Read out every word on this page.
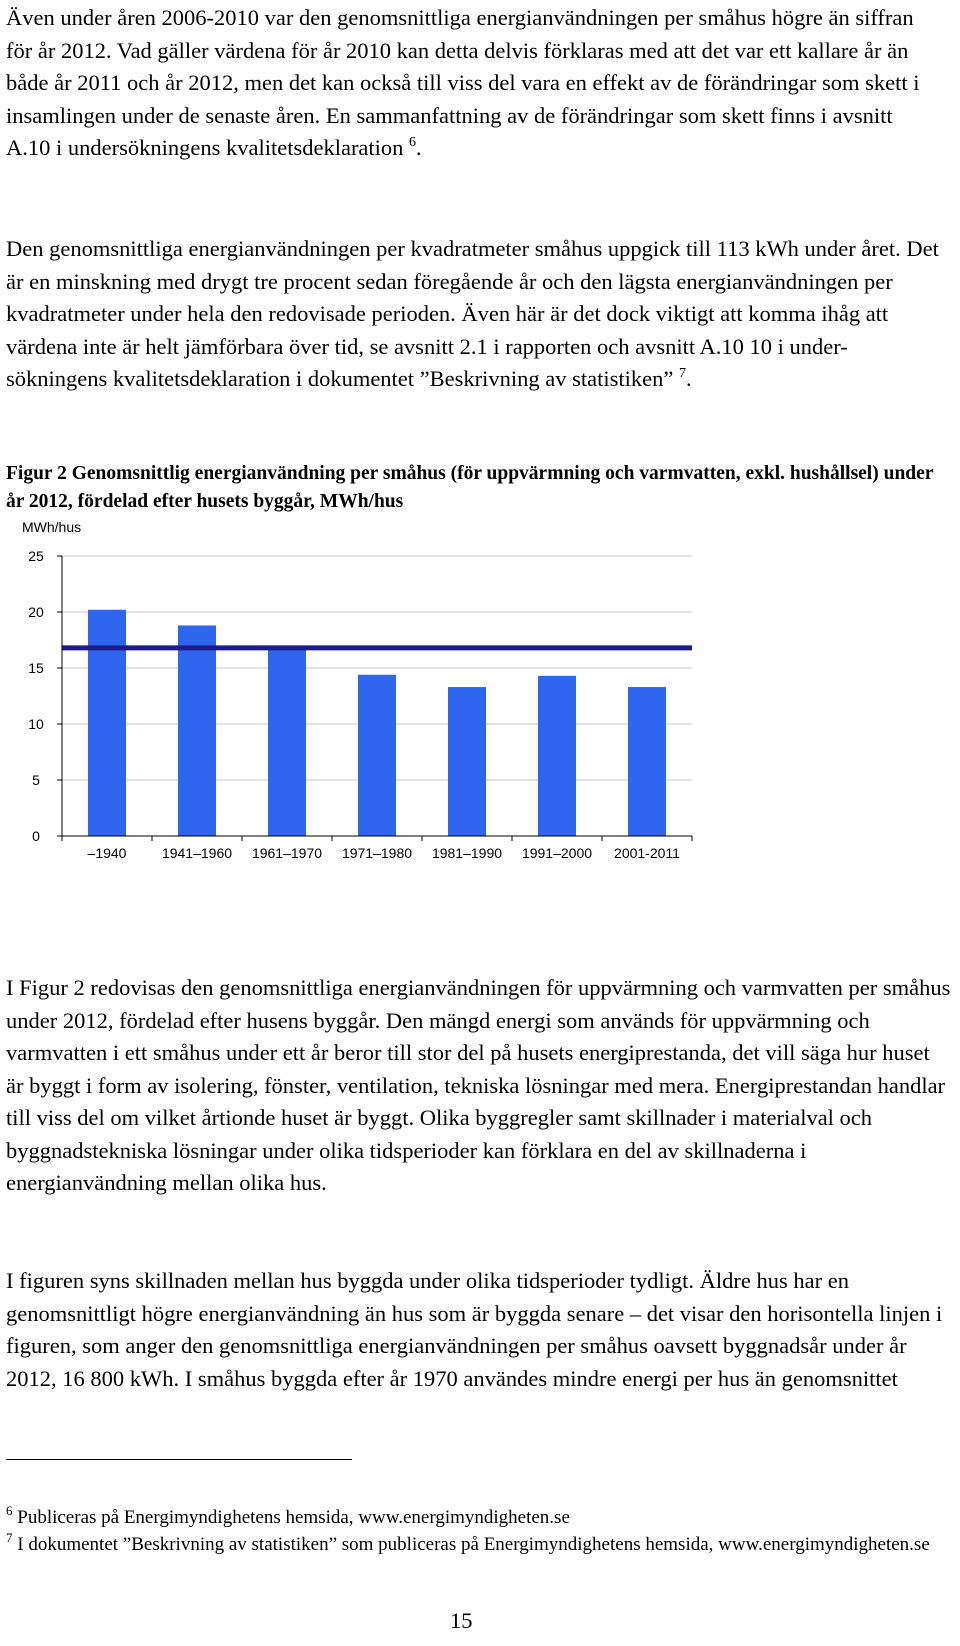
Även under åren 2006-2010 var den genomsnittliga energianvändningen per småhus högre än siffran för år 2012. Vad gäller värdena för år 2010 kan detta delvis förklaras med att det var ett kallare år än både år 2011 och år 2012, men det kan också till viss del vara en effekt av de förändringar som skett i insamlingen under de senaste åren. En sammanfattning av de förändringar som skett finns i avsnitt A.10 i undersökningens kvalitetsdeklaration $^6$.

Den genomsnittliga energianvändningen per kvadratmeter småhus uppgick till 113 kWh under året. Det är en minskning med drygt tre procent sedan föregående år och den lägsta energianvändningen per kvadratmeter under hela den redovisade perioden. Även här är det dock viktigt att komma ihåg att värdena inte är helt jämförbara över tid, se avsnitt 2.1 i rapporten och avsnitt A.10 10 i under-sökningens kvalitetsdeklaration i dokumentet ”Beskrivning av statistiken” $^7$.

Figur 2 Genomsnittlig energianvändning per småhus (för uppvärmning och varmvatten, exkl. hushållsel) under år 2012, fördelad efter husets byggår, MWh/hus
MWh/hus
0
5
10
15
20
25
–1940	1941–1960 1961–1970 1971–1980 1981–1990 1991–2000 2001-2011

I Figur 2 redovisas den genomsnittliga energianvändningen för uppvärmning och varmvatten per småhus under 2012, fördelad efter husens byggår. Den mängd energi som används för uppvärmning och varmvatten i ett småhus under ett år beror till stor del på husets energiprestanda, det vill säga hur huset är byggt i form av isolering, fönster, ventilation, tekniska lösningar med mera. Energiprestandan handlar till viss del om vilket årtionde huset är byggt. Olika byggregler samt skillnader i materialval och byggnadstekniska lösningar under olika tidsperioder kan förklara en del av skillnaderna i energianvändning mellan olika hus.

I figuren syns skillnaden mellan hus byggda under olika tidsperioder tydligt. Äldre hus har en genomsnittligt högre energianvändning än hus som är byggda senare – det visar den horisontella linjen i figuren, som anger den genomsnittliga energianvändningen per småhus oavsett byggnadsår under år 2012, 16 800 kWh. I småhus byggda efter år 1970 användes mindre energi per hus än genomsnittet

$^6$ Publiceras på Energimyndighetens hemsida, www.energimyndigheten.se
$^7$ I dokumentet ”Beskrivning av statistiken” som publiceras på Energimyndighetens hemsida, www.energimyndigheten.se
15
